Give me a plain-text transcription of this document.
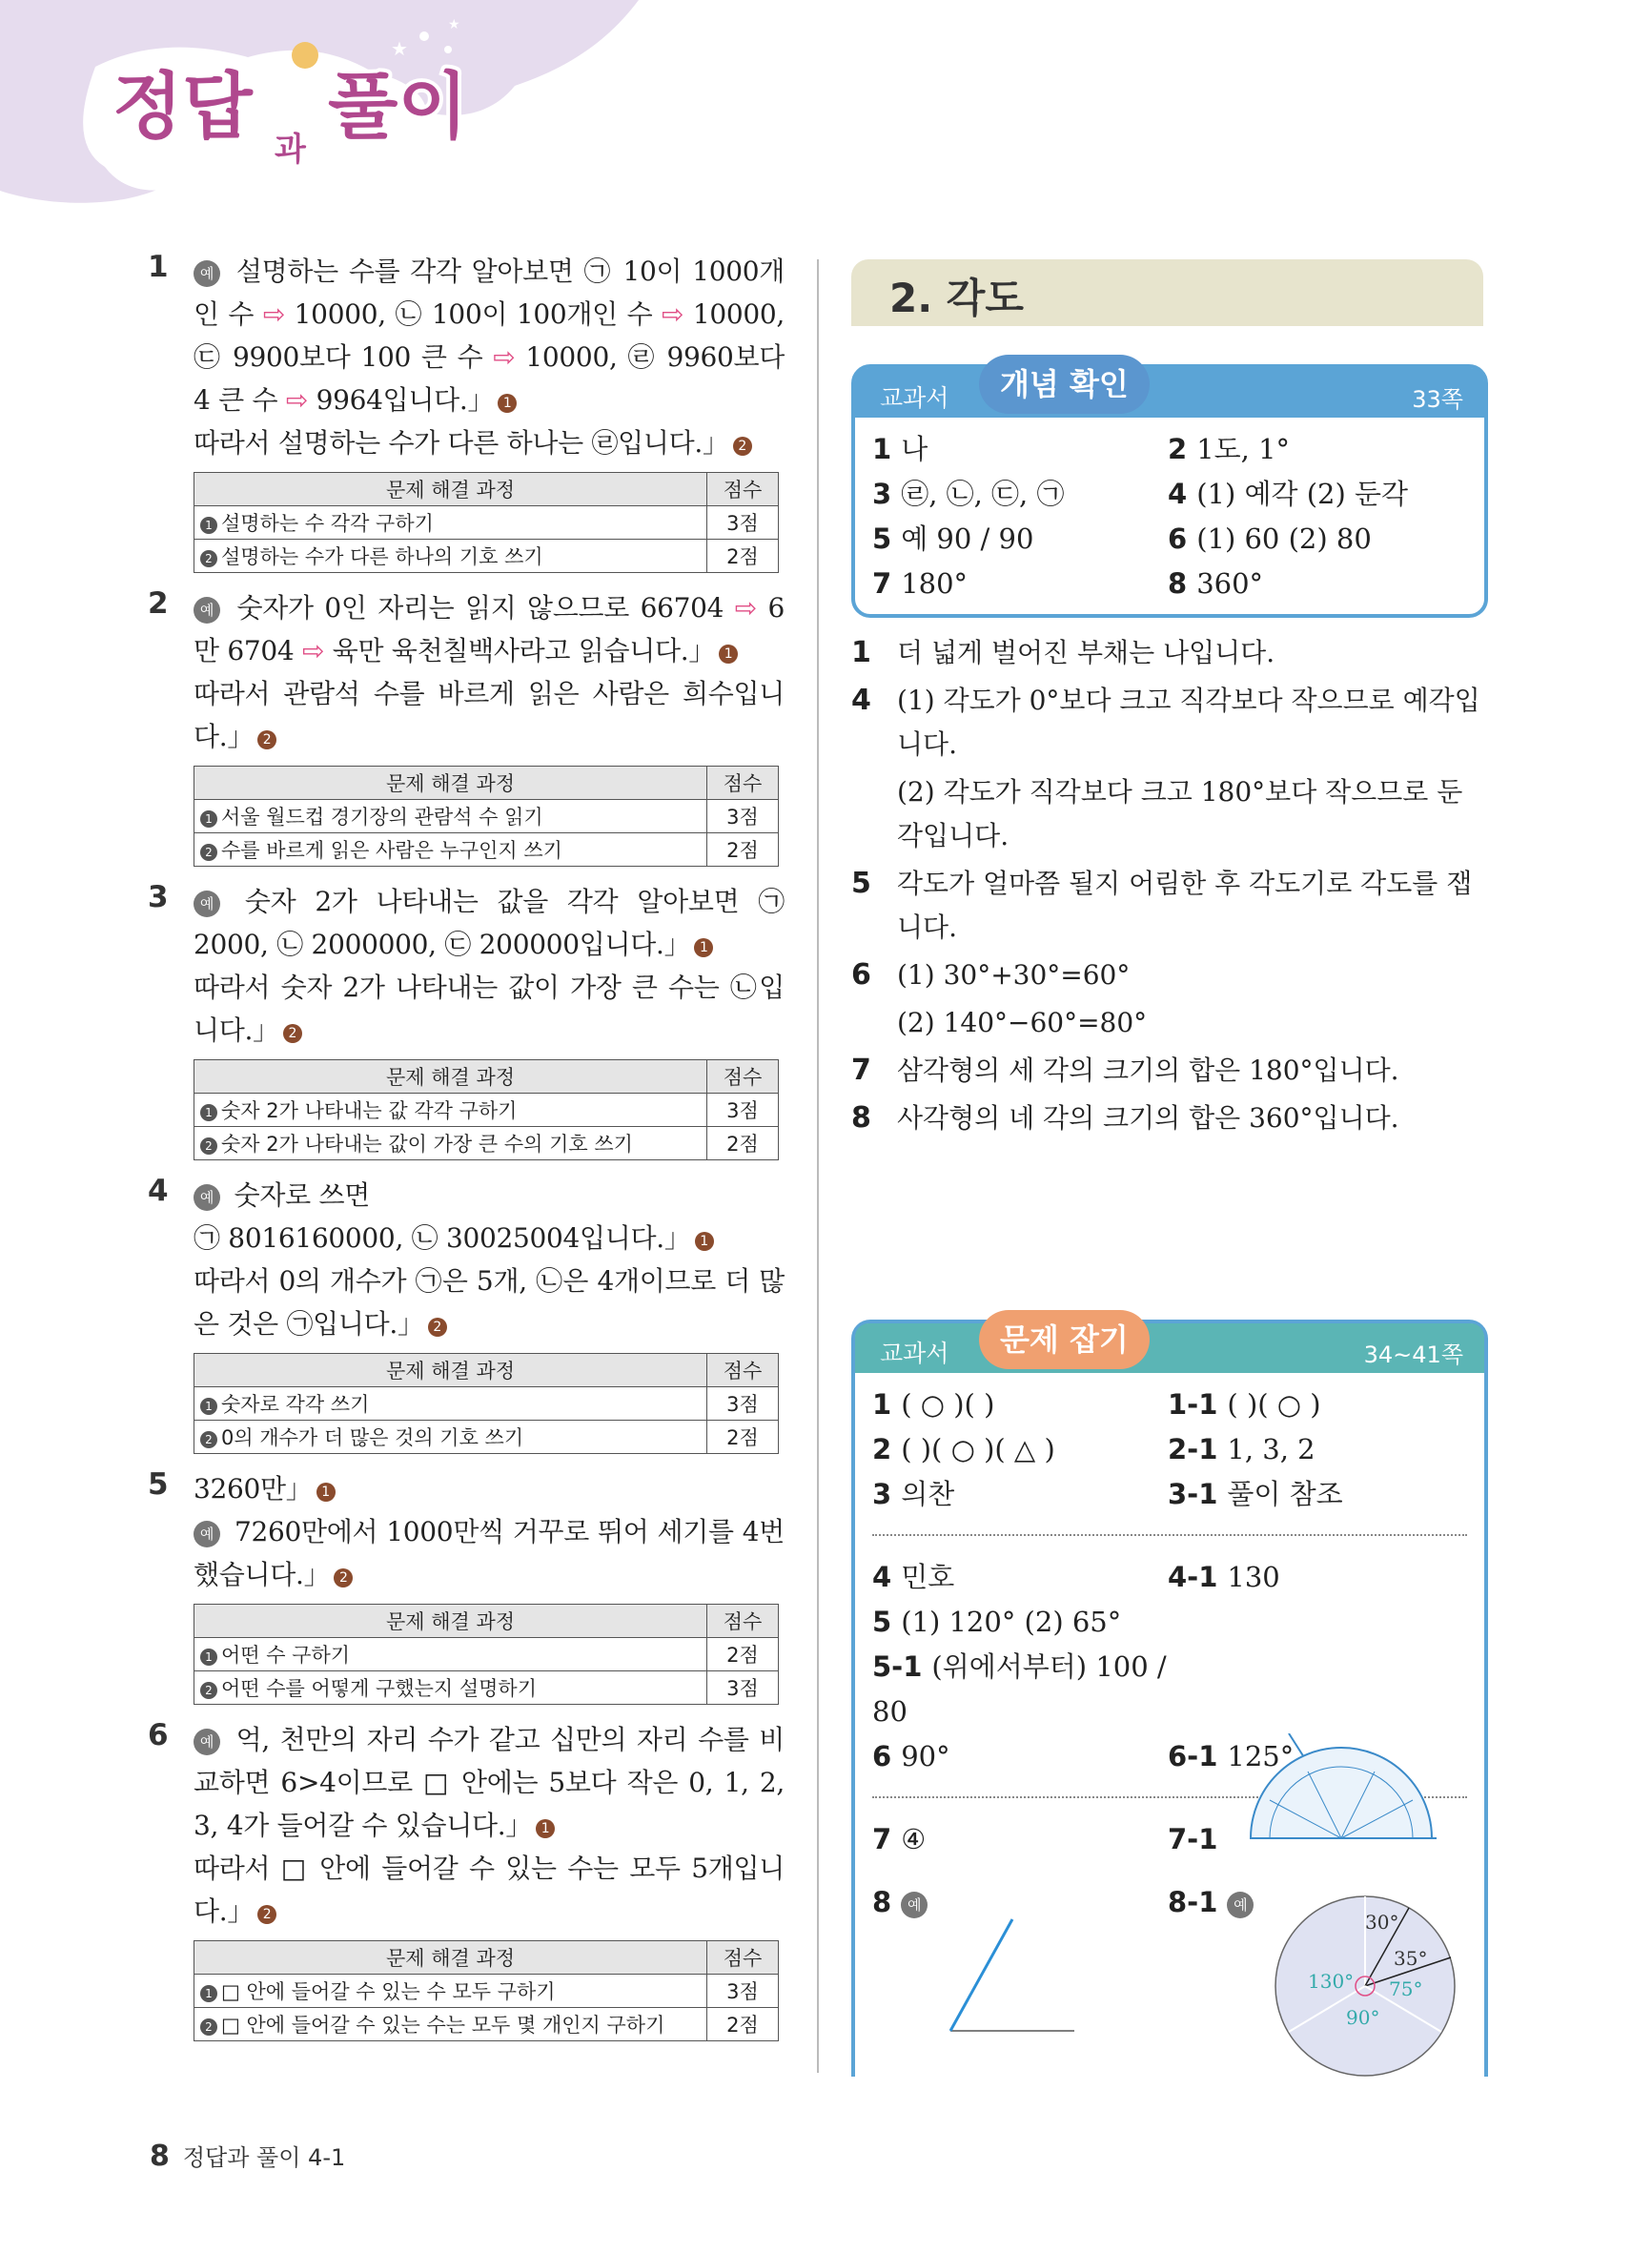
★
★
정답
과
풀이
1	예 설명하는 수를 각각 알아보면 ㉠ 10이 1000개인 수 ⇨ 10000, ㉡ 100이 100개인 수 ⇨ 10000, ㉢ 9900보다 100 큰 수 ⇨ 10000, ㉣ 9960보다 4 큰 수 ⇨ 9964입니다.」 1
따라서 설명하는 수가 다른 하나는 ㉣입니다.」 2
문제 해결 과정	점수
1 설명하는 수 각각 구하기	3점
2 설명하는 수가 다른 하나의 기호 쓰기	2점
2	예 숫자가 0인 자리는 읽지 않으므로 66704 ⇨ 6만 6704 ⇨ 육만 육천칠백사라고 읽습니다.」 1
따라서 관람석 수를 바르게 읽은 사람은 희수입니다.」 2
문제 해결 과정	점수
1 서울 월드컵 경기장의 관람석 수 읽기	3점
2 수를 바르게 읽은 사람은 누구인지 쓰기	2점
3	예 숫자 2가 나타내는 값을 각각 알아보면 ㉠ 2000, ㉡ 2000000, ㉢ 200000입니다.」 1
따라서 숫자 2가 나타내는 값이 가장 큰 수는 ㉡입니다.」 2
문제 해결 과정	점수
1 숫자 2가 나타내는 값 각각 구하기	3점
2 숫자 2가 나타내는 값이 가장 큰 수의 기호 쓰기	2점
4	예 숫자로 쓰면
㉠ 8016160000, ㉡ 30025004입니다.」 1
따라서 0의 개수가 ㉠은 5개, ㉡은 4개이므로 더 많은 것은 ㉠입니다.」 2
문제 해결 과정	점수
1 숫자로 각각 쓰기	3점
2 0의 개수가 더 많은 것의 기호 쓰기	2점
5 3260만」 1
예 7260만에서 1000만씩 거꾸로 뛰어 세기를 4번 했습니다.」 2
문제 해결 과정	점수
1 어떤 수 구하기	2점
2 어떤 수를 어떻게 구했는지 설명하기	3점
6	예 억, 천만의 자리 수가 같고 십만의 자리 수를 비교하면 6>4이므로 □ 안에는 5보다 작은 0, 1, 2, 3, 4가 들어갈 수 있습니다.」 1
따라서 □ 안에 들어갈 수 있는 수는 모두 5개입니다.」 2
문제 해결 과정	점수
1 □ 안에 들어갈 수 있는 수 모두 구하기	3점
2 □ 안에 들어갈 수 있는 수는 모두 몇 개인지 구하기	2점
2. 각도
교과서	개념 확인	33쪽
1 나	2 1도, 1°
3 ㉣, ㉡, ㉢, ㉠	4 (1) 예각 (2) 둔각
5 예 90 / 90	6 (1) 60 (2) 80
7 180°	8 360°
1 더 넓게 벌어진 부채는 나입니다.
4 (1) 각도가 0°보다 크고 직각보다 작으므로 예각입니다.
(2) 각도가 직각보다 크고 180°보다 작으므로 둔각입니다.
5 각도가 얼마쯤 될지 어림한 후 각도기로 각도를 잽니다.
6 (1) 30°+30°=60°
(2) 140°−60°=80°
7 삼각형의 세 각의 크기의 합은 180°입니다.
8 사각형의 네 각의 크기의 합은 360°입니다.
교과서	문제 잡기	34~41쪽
1 ( ○ )( )	1-1 ( )( ○ )
2 ( )( ○ )( △ )	2-1 1, 3, 2
3 의찬	3-1 풀이 참조
4 민호	4-1 130
5 (1) 120° (2) 65°
5-1 (위에서부터) 100 / 80
6 90°	6-1 125°
7 ④	7-1
8 예	8-1 예
30°
35°
75°
130°
90°
8 정답과 풀이 4-1
